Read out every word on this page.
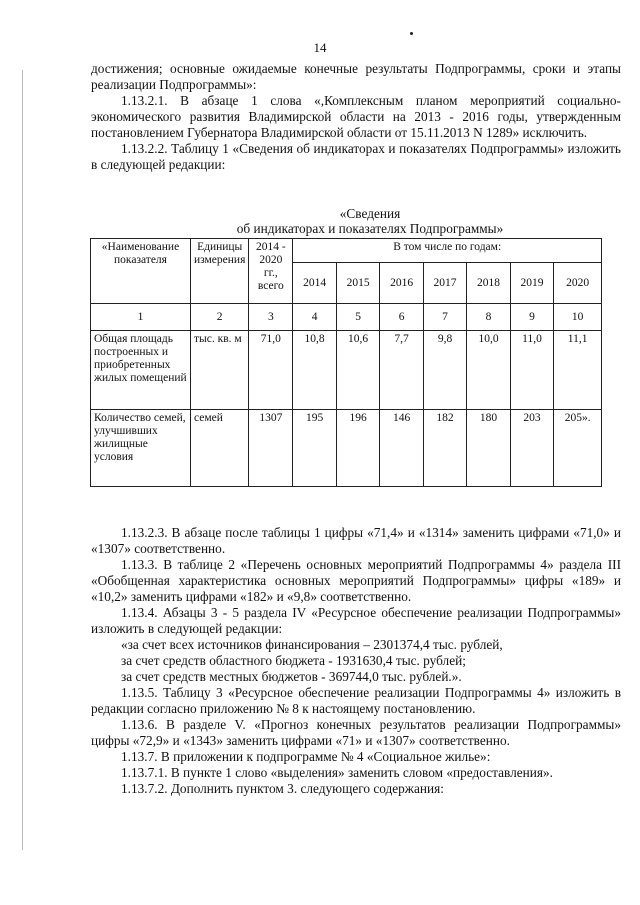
14

достижения; основные ожидаемые конечные результаты Подпрограммы, сроки и этапы реализации Подпрограммы»:

1.13.2.1. В абзаце 1 слова «,Комплексным планом мероприятий социально-экономического развития Владимирской области на 2013 - 2016 годы, утвержденным постановлением Губернатора Владимирской области от 15.11.2013 N 1289» исключить.

1.13.2.2. Таблицу 1 «Сведения об индикаторах и показателях Подпрограммы» изложить в следующей редакции:

«Сведения
об индикаторах и показателях Подпрограммы»
«Наименование показателя	Единицы измерения	2014 - 2020 гг., всего	В том числе по годам:						
			2014	2015	2016	2017	2018	2019	2020
1	2	3	4	5	6	7	8	9	10
Общая площадь построенных и приобретенных жилых помещений	тыс. кв. м	71,0	10,8	10,6	7,7	9,8	10,0	11,0	11,1
Количество семей, улучшивших жилищные условия	семей	1307	195	196	146	182	180	203	205».

1.13.2.3. В абзаце после таблицы 1 цифры «71,4» и «1314» заменить цифрами «71,0» и «1307» соответственно.

1.13.3. В таблице 2 «Перечень основных мероприятий Подпрограммы 4» раздела III «Обобщенная характеристика основных мероприятий Подпрограммы» цифры «189» и «10,2» заменить цифрами «182» и «9,8» соответственно.

1.13.4. Абзацы 3 - 5 раздела IV «Ресурсное обеспечение реализации Подпрограммы» изложить в следующей редакции:

«за счет всех источников финансирования – 2301374,4 тыс. рублей,

за счет средств областного бюджета - 1931630,4 тыс. рублей;

за счет средств местных бюджетов - 369744,0 тыс. рублей.».

1.13.5. Таблицу 3 «Ресурсное обеспечение реализации Подпрограммы 4» изложить в редакции согласно приложению № 8 к настоящему постановлению.

1.13.6. В разделе V. «Прогноз конечных результатов реализации Подпрограммы» цифры «72,9» и «1343» заменить цифрами «71» и «1307» соответственно.

1.13.7. В приложении к подпрограмме № 4 «Социальное жилье»:

1.13.7.1. В пункте 1 слово «выделения» заменить словом «предоставления».

1.13.7.2. Дополнить пунктом 3. следующего содержания:
